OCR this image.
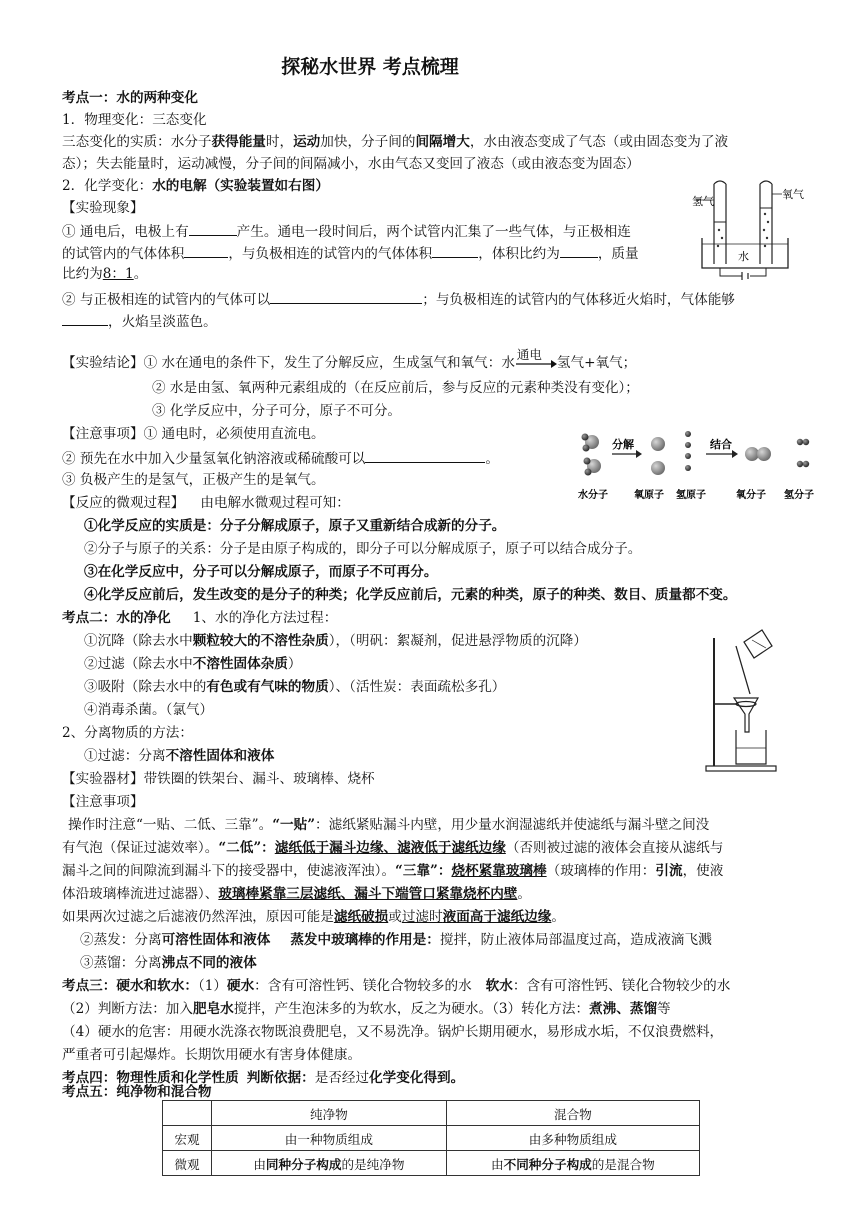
探秘水世界 考点梳理
考点一：水的两种变化
1．物理变化：三态变化
三态变化的实质：水分子获得能量时，运动加快，分子间的间隔增大，水由液态变成了气态（或由固态变为了液
态）；失去能量时，运动减慢，分子间的间隔减小，水由气态又变回了液态（或由液态变为固态）
2．化学变化：水的电解（实验装置如右图）
【实验现象】
① 通电后，电极上有	产生。通电一段时间后，两个试管内汇集了一些气体，与正极相连
的试管内的气体体积	，与负极相连的试管内的气体体积	，体积比约为	，质量
比约为8：1。
② 与正极相连的试管内的气体可以	；与负极相连的试管内的气体移近火焰时，气体能够
，火焰呈淡蓝色。
【实验结论】① 水在通电的条件下，发生了分解反应，生成氢气和氧气：水
通电
氢气+氧气；
② 水是由氢、氧两种元素组成的（在反应前后，参与反应的元素种类没有变化）；
③ 化学反应中，分子可分，原子不可分。
【注意事项】① 通电时，必须使用直流电。
② 预先在水中加入少量氢氧化钠溶液或稀硫酸可以	。
③ 负极产生的是氢气，正极产生的是氧气。
【反应的微观过程】 由电解水微观过程可知：
①化学反应的实质是：分子分解成原子，原子又重新结合成新的分子。
②分子与原子的关系：分子是由原子构成的，即分子可以分解成原子，原子可以结合成分子。
③在化学反应中，分子可以分解成原子，而原子不可再分。
④化学反应前后，发生改变的是分子的种类；化学反应前后，元素的种类，原子的种类、数目、质量都不变。
考点二：水的净化 1、水的净化方法过程：
①沉降（除去水中颗粒较大的不溶性杂质），（明矾：絮凝剂，促进悬浮物质的沉降）
②过滤（除去水中不溶性固体杂质）
③吸附（除去水中的有色或有气味的物质）、（活性炭：表面疏松多孔）
④消毒杀菌。（氯气）
2、分离物质的方法：
①过滤：分离不溶性固体和液体
【实验器材】带铁圈的铁架台、漏斗、玻璃棒、烧杯
【注意事项】
操作时注意“一贴、二低、三靠”。“一贴”：滤纸紧贴漏斗内壁，用少量水润湿滤纸并使滤纸与漏斗壁之间没
有气泡（保证过滤效率）。“二低”：滤纸低于漏斗边缘、滤液低于滤纸边缘（否则被过滤的液体会直接从滤纸与
漏斗之间的间隙流到漏斗下的接受器中，使滤液浑浊）。“三靠”：烧杯紧靠玻璃棒（玻璃棒的作用：引流，使液
体沿玻璃棒流进过滤器）、玻璃棒紧靠三层滤纸、漏斗下端管口紧靠烧杯内壁。
如果两次过滤之后滤液仍然浑浊，原因可能是滤纸破损或过滤时液面高于滤纸边缘。
②蒸发：分离可溶性固体和液体 蒸发中玻璃棒的作用是：搅拌，防止液体局部温度过高，造成液滴飞溅
③蒸馏：分离沸点不同的液体
考点三：硬水和软水：（1）硬水：含有可溶性钙、镁化合物较多的水 软水：含有可溶性钙、镁化合物较少的水
（2）判断方法：加入肥皂水搅拌，产生泡沫多的为软水，反之为硬水。（3）转化方法：煮沸、蒸馏等
（4）硬水的危害：用硬水洗涤衣物既浪费肥皂，又不易洗净。锅炉长期用硬水，易形成水垢，不仅浪费燃料，
严重者可引起爆炸。长期饮用硬水有害身体健康。
考点四：物理性质和化学性质 判断依据：是否经过化学变化得到。
考点五：纯净物和混合物
	纯净物	混合物
宏观	由一种物质组成	由多种物质组成
微观	由同种分子构成的是纯净物	由不同种分子构成的是混合物
氢气
氧气
水
分解	结合
水分子	氧原子 氢原子	氧分子 氢分子
